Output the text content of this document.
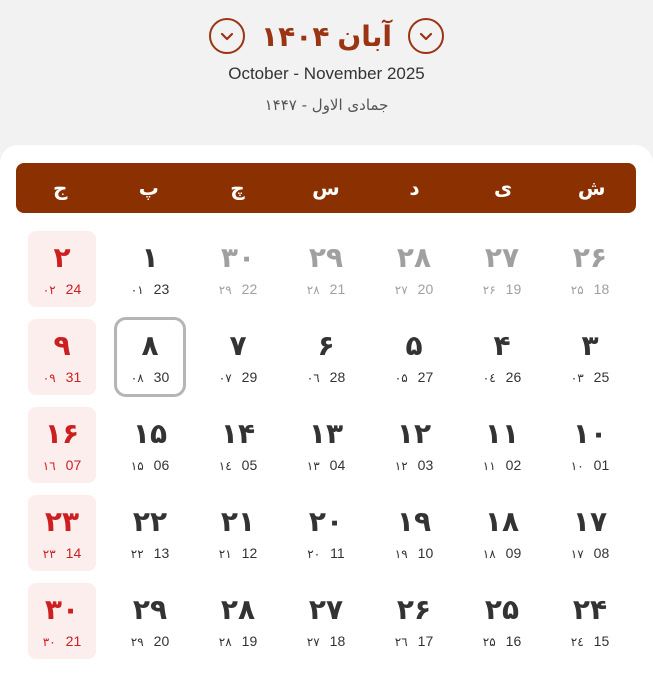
آبان
۱۴۰۴
October - November 2025
جمادی الاول - ۱۴۴۷
ش
ی
د
س
چ
پ
ج
۲۶
۲۵ 18
۲۷
۲۶ 19
۲۸
۲۷ 20
۲۹
۲۸ 21
۳۰
۲۹ 22
۱
۰۱ 23
۲
۰۲ 24
۳
۰۳ 25
۴
۰٤ 26
۵
۰۵ 27
۶
۰٦ 28
۷
۰۷ 29
۸
۰۸ 30
۹
۰۹ 31
۱۰
۱۰ 01
۱۱
۱۱ 02
۱۲
۱۲ 03
۱۳
۱۳ 04
۱۴
۱٤ 05
۱۵
۱۵ 06
۱۶
۱٦ 07
۱۷
۱۷ 08
۱۸
۱۸ 09
۱۹
۱۹ 10
۲۰
۲۰ 11
۲۱
۲۱ 12
۲۲
۲۲ 13
۲۳
۲۳ 14
۲۴
۲٤ 15
۲۵
۲۵ 16
۲۶
۲٦ 17
۲۷
۲۷ 18
۲۸
۲۸ 19
۲۹
۲۹ 20
۳۰
۳۰ 21
